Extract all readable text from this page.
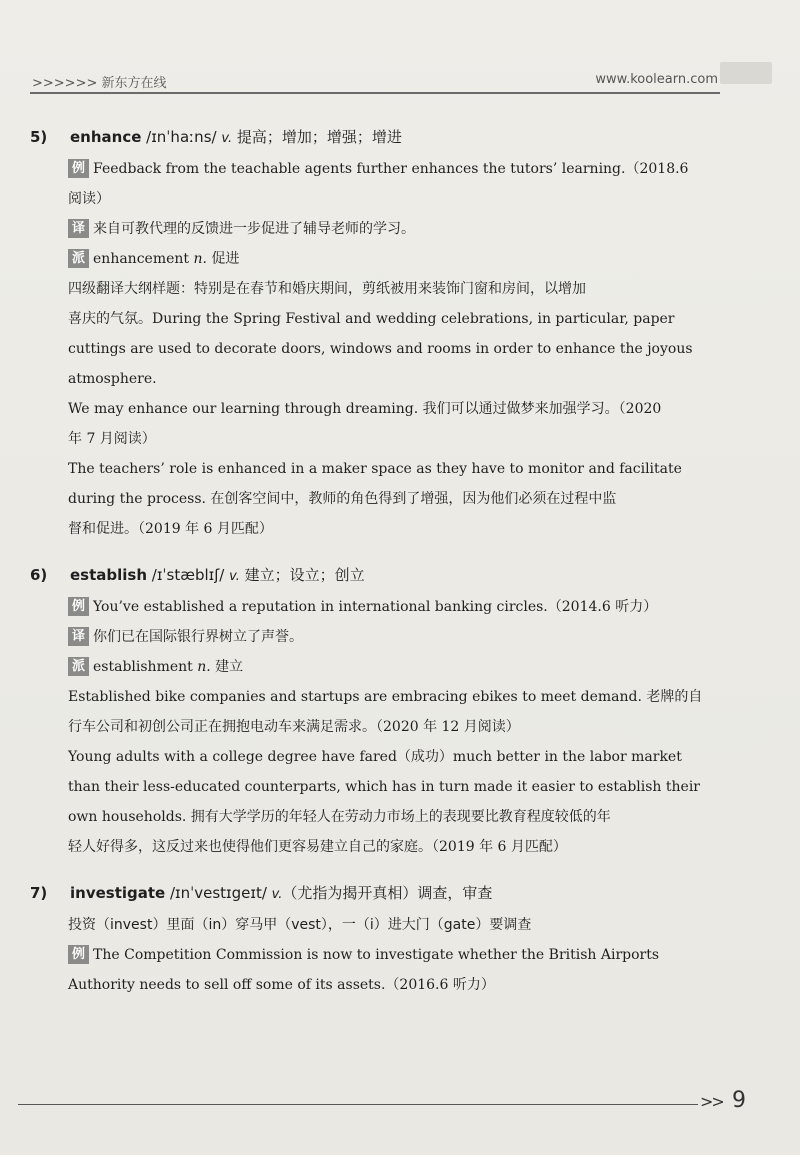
>>>>>> 新东方在线	www.koolearn.com
5) enhance /ɪnˈhaːns/ v. 提高；增加；增强；增进
例 Feedback from the teachable agents further enhances the tutors’ learning.（2018.6
阅读）
译 来自可教代理的反馈进一步促进了辅导老师的学习。
派 enhancement n. 促进
四级翻译大纲样题：特别是在春节和婚庆期间，剪纸被用来装饰门窗和房间，以增加
喜庆的气氛。During the Spring Festival and wedding celebrations, in particular, paper
cuttings are used to decorate doors, windows and rooms in order to enhance the joyous
atmosphere.
We may enhance our learning through dreaming. 我们可以通过做梦来加强学习。（2020
年 7 月阅读）
The teachers’ role is enhanced in a maker space as they have to monitor and facilitate
during the process. 在创客空间中，教师的角色得到了增强，因为他们必须在过程中监
督和促进。（2019 年 6 月匹配）
6) establish /ɪˈstæblɪʃ/ v. 建立；设立；创立
例 You’ve established a reputation in international banking circles.（2014.6 听力）
译 你们已在国际银行界树立了声誉。
派 establishment n. 建立
Established bike companies and startups are embracing ebikes to meet demand. 老牌的自
行车公司和初创公司正在拥抱电动车来满足需求。（2020 年 12 月阅读）
Young adults with a college degree have fared（成功）much better in the labor market
than their less-educated counterparts, which has in turn made it easier to establish their
own households. 拥有大学学历的年轻人在劳动力市场上的表现要比教育程度较低的年
轻人好得多，这反过来也使得他们更容易建立自己的家庭。（2019 年 6 月匹配）
7) investigate /ɪnˈvestɪgeɪt/ v.（尤指为揭开真相）调查，审查
投资（invest）里面（in）穿马甲（vest），一（i）进大门（gate）要调查
例 The Competition Commission is now to investigate whether the British Airports
Authority needs to sell off some of its assets.（2016.6 听力）
>> 9
